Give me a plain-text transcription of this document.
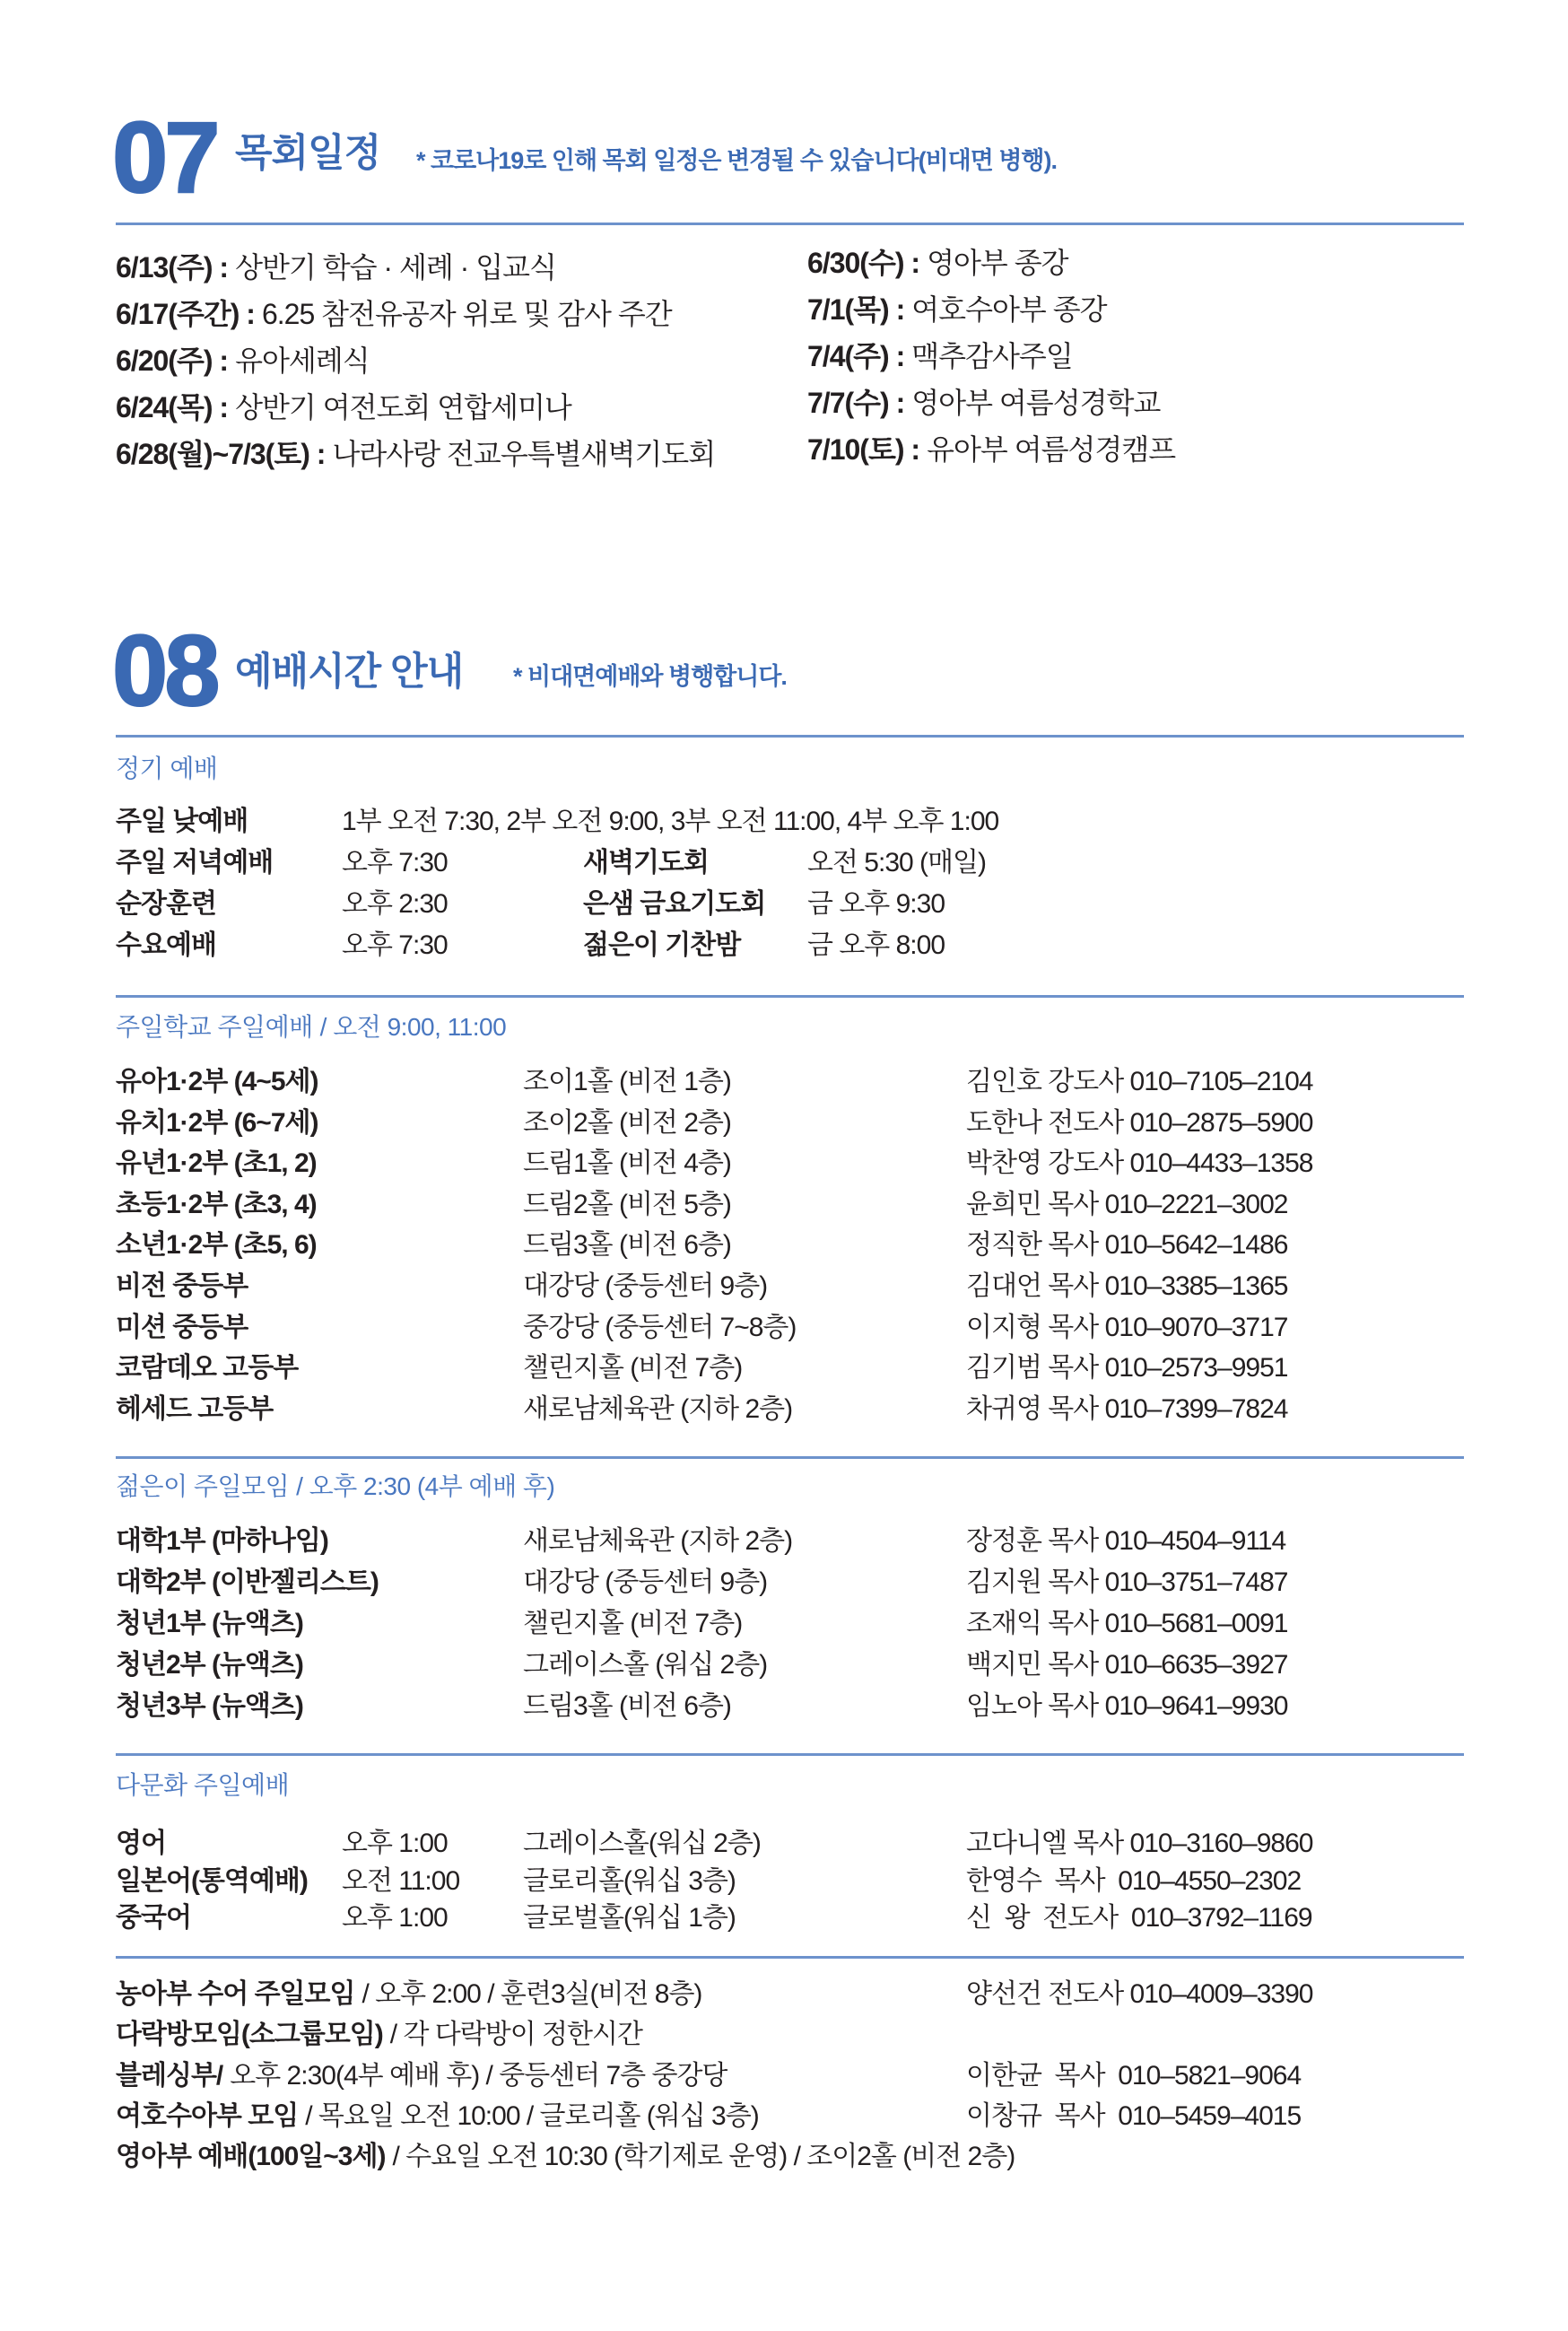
07 목회일정 * 코로나19로 인해 목회 일정은 변경될 수 있습니다(비대면 병행).
6/13(주) : 상반기 학습 · 세례 · 입교식
6/17(주간) : 6.25 참전유공자 위로 및 감사 주간
6/20(주) : 유아세례식
6/24(목) : 상반기 여전도회 연합세미나
6/28(월)~7/3(토) : 나라사랑 전교우특별새벽기도회
6/30(수) : 영아부 종강
7/1(목) : 여호수아부 종강
7/4(주) : 맥추감사주일
7/7(수) : 영아부 여름성경학교
7/10(토) : 유아부 여름성경캠프
08 예배시간 안내 * 비대면예배와 병행합니다.
정기 예배
주일 낮예배	1부 오전 7:30, 2부 오전 9:00, 3부 오전 11:00, 4부 오후 1:00
주일 저녁예배	오후 7:30	새벽기도회	오전 5:30 (매일)
순장훈련	오후 2:30	은샘 금요기도회 금 오후 9:30
수요예배	오후 7:30	젊은이 기찬밤 금 오후 8:00
주일학교 주일예배 / 오전 9:00, 11:00
유아1·2부 (4~5세)	조이1홀 (비전 1층)	김인호 강도사 010–7105–2104
유치1·2부 (6~7세)	조이2홀 (비전 2층)	도한나 전도사 010–2875–5900
유년1·2부 (초1, 2)	드림1홀 (비전 4층)	박찬영 강도사 010–4433–1358
초등1·2부 (초3, 4)	드림2홀 (비전 5층)	윤희민 목사 010–2221–3002
소년1·2부 (초5, 6)	드림3홀 (비전 6층)	정직한 목사 010–5642–1486
비전 중등부	대강당 (중등센터 9층)	김대언 목사 010–3385–1365
미션 중등부	중강당 (중등센터 7~8층)	이지형 목사 010–9070–3717
코람데오 고등부	챌린지홀 (비전 7층)	김기범 목사 010–2573–9951
헤세드 고등부	새로남체육관 (지하 2층)	차귀영 목사 010–7399–7824
젊은이 주일모임 / 오후 2:30 (4부 예배 후)
대학1부 (마하나임)	새로남체육관 (지하 2층)	장정훈 목사 010–4504–9114
대학2부 (이반젤리스트)	대강당 (중등센터 9층)	김지원 목사 010–3751–7487
청년1부 (뉴액츠)	챌린지홀 (비전 7층)	조재익 목사 010–5681–0091
청년2부 (뉴액츠)	그레이스홀 (워십 2층)	백지민 목사 010–6635–3927
청년3부 (뉴액츠)	드림3홀 (비전 6층)	임노아 목사 010–9641–9930
다문화 주일예배
영어	오후 1:00	그레이스홀(워십 2층)	고다니엘 목사 010–3160–9860
일본어(통역예배) 오전 11:00 글로리홀(워십 3층)	한영수  목사  010–4550–2302
중국어	오후 1:00	글로벌홀(워십 1층)	신  왕  전도사  010–3792–1169
농아부 수어 주일모임 / 오후 2:00 / 훈련3실(비전 8층)	양선건 전도사 010–4009–3390
다락방모임(소그룹모임) / 각 다락방이 정한시간
블레싱부/ 오후 2:30(4부 예배 후) / 중등센터 7층 중강당	이한균  목사  010–5821–9064
여호수아부 모임 / 목요일 오전 10:00 / 글로리홀 (워십 3층)	이창규  목사  010–5459–4015
영아부 예배(100일~3세) / 수요일 오전 10:30 (학기제로 운영) / 조이2홀 (비전 2층)
